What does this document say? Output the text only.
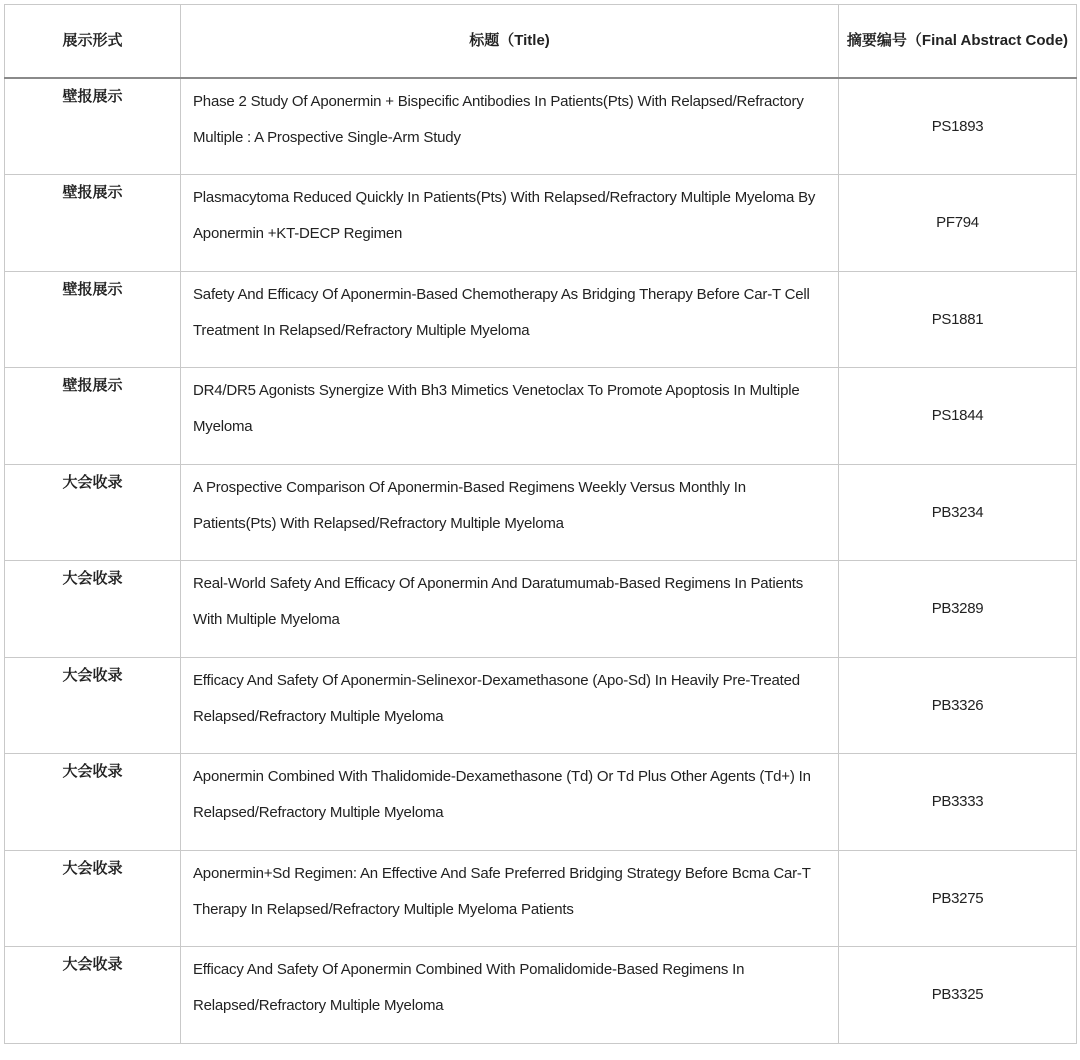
展示形式	标题（Title)	摘要编号（Final Abstract Code)
壁报展示	Phase 2 Study Of Aponermin + Bispecific Antibodies In Patients(Pts) With Relapsed/Refractory Multiple : A Prospective Single-Arm Study	PS1893
壁报展示	Plasmacytoma Reduced Quickly In Patients(Pts) With Relapsed/Refractory Multiple Myeloma By Aponermin +KT-DECP Regimen	PF794
壁报展示	Safety And Efficacy Of Aponermin-Based Chemotherapy As Bridging Therapy Before Car-T Cell Treatment In Relapsed/Refractory Multiple Myeloma	PS1881
壁报展示	DR4/DR5 Agonists Synergize With Bh3 Mimetics Venetoclax To Promote Apoptosis In Multiple Myeloma	PS1844
大会收录	A Prospective Comparison Of Aponermin-Based Regimens Weekly Versus Monthly In Patients(Pts) With Relapsed/Refractory Multiple Myeloma	PB3234
大会收录	Real-World Safety And Efficacy Of Aponermin And Daratumumab-Based Regimens In Patients With Multiple Myeloma	PB3289
大会收录	Efficacy And Safety Of Aponermin-Selinexor-Dexamethasone (Apo-Sd) In Heavily Pre-Treated Relapsed/Refractory Multiple Myeloma	PB3326
大会收录	Aponermin Combined With Thalidomide-Dexamethasone (Td) Or Td Plus Other Agents (Td+) In Relapsed/Refractory Multiple Myeloma	PB3333
大会收录	Aponermin+Sd Regimen: An Effective And Safe Preferred Bridging Strategy Before Bcma Car-T Therapy In Relapsed/Refractory Multiple Myeloma Patients	PB3275
大会收录	Efficacy And Safety Of Aponermin Combined With Pomalidomide-Based Regimens In Relapsed/Refractory Multiple Myeloma	PB3325
